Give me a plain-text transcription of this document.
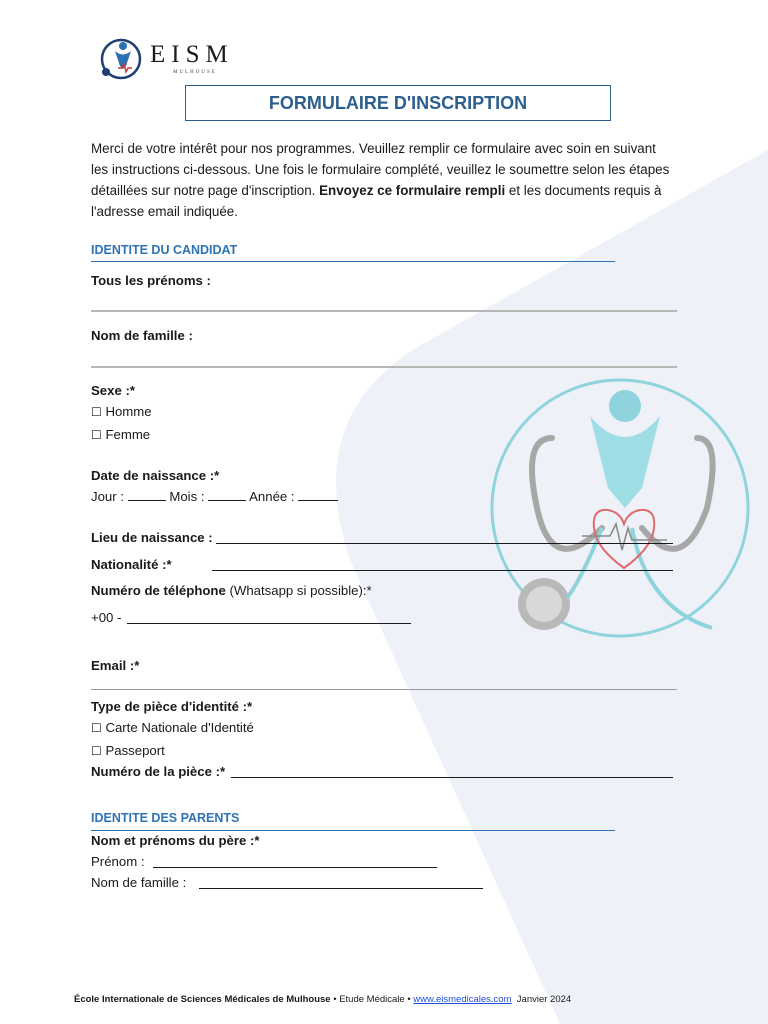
EISM
MULHOUSE
FORMULAIRE D'INSCRIPTION
Merci de votre intérêt pour nos programmes. Veuillez remplir ce formulaire avec soin en suivant les instructions ci-dessous. Une fois le formulaire complété, veuillez le soumettre selon les étapes détaillées sur notre page d'inscription. Envoyez ce formulaire rempli et les documents requis à l'adresse email indiquée.
IDENTITE DU CANDIDAT
Tous les prénoms :
Nom de famille :
Sexe :*
☐ Homme
☐ Femme
Date de naissance :*
Jour :	Mois :	Année :
Lieu de naissance :
Nationalité :*
Numéro de téléphone (Whatsapp si possible):*
+00 -
Email :*
Type de pièce d'identité :*
☐ Carte Nationale d'Identité
☐ Passeport
Numéro de la pièce :*
IDENTITE DES PARENTS
Nom et prénoms du père :*
Prénom :
Nom de famille :
École Internationale de Sciences Médicales de Mulhouse • Etude Médicale • www.eismedicales.com Janvier 2024
